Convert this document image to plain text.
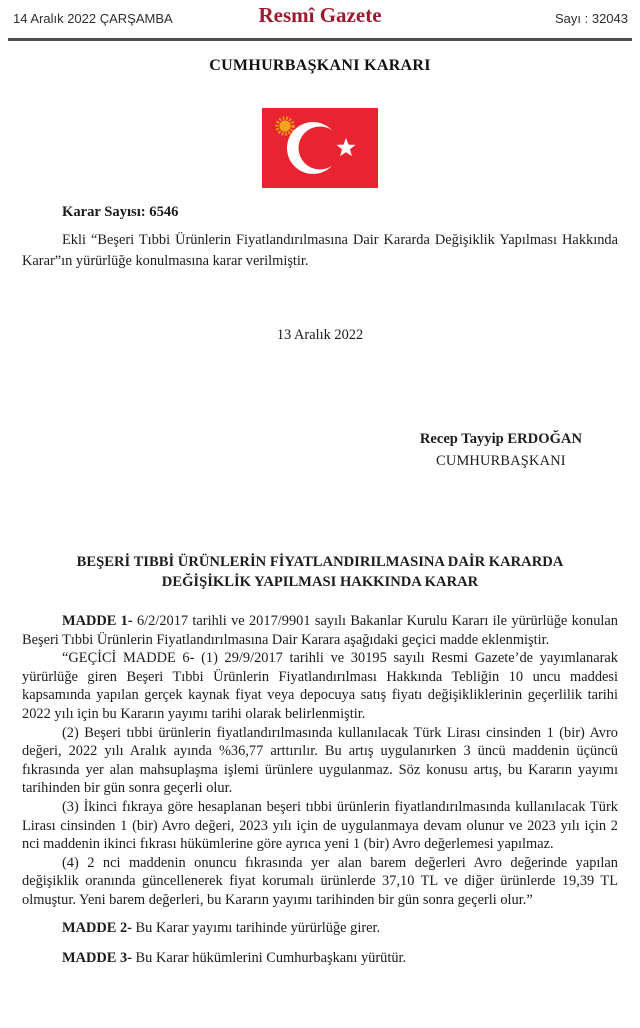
14 Aralık 2022 ÇARŞAMBA	Resmî Gazete	Sayı : 32043
CUMHURBAŞKANI KARARI
Karar Sayısı: 6546

Ekli “Beşeri Tıbbi Ürünlerin Fiyatlandırılmasına Dair Kararda Değişiklik Yapılması Hakkında Karar”ın yürürlüğe konulmasına karar verilmiştir.

13 Aralık 2022
Recep Tayyip ERDOĞAN
CUMHURBAŞKANI
BEŞERİ TIBBİ ÜRÜNLERİN FİYATLANDIRILMASINA DAİR KARARDA
DEĞİŞİKLİK YAPILMASI HAKKINDA KARAR

MADDE 1- 6/2/2017 tarihli ve 2017/9901 sayılı Bakanlar Kurulu Kararı ile yürürlüğe konulan Beşeri Tıbbi Ürünlerin Fiyatlandırılmasına Dair Karara aşağıdaki geçici madde eklenmiştir.

“GEÇİCİ MADDE 6- (1) 29/9/2017 tarihli ve 30195 sayılı Resmi Gazete’de yayımlanarak yürürlüğe giren Beşeri Tıbbi Ürünlerin Fiyatlandırılması Hakkında Tebliğin 10 uncu maddesi kapsamında yapılan gerçek kaynak fiyat veya depocuya satış fiyatı değişikliklerinin geçerlilik tarihi 2022 yılı için bu Kararın yayımı tarihi olarak belirlenmiştir.

(2) Beşeri tıbbi ürünlerin fiyatlandırılmasında kullanılacak Türk Lirası cinsinden 1 (bir) Avro değeri, 2022 yılı Aralık ayında %36,77 arttırılır. Bu artış uygulanırken 3 üncü maddenin üçüncü fıkrasında yer alan mahsuplaşma işlemi ürünlere uygulanmaz. Söz konusu artış, bu Kararın yayımı tarihinden bir gün sonra geçerli olur.

(3) İkinci fıkraya göre hesaplanan beşeri tıbbi ürünlerin fiyatlandırılmasında kullanılacak Türk Lirası cinsinden 1 (bir) Avro değeri, 2023 yılı için de uygulanmaya devam olunur ve 2023 yılı için 2 nci maddenin ikinci fıkrası hükümlerine göre ayrıca yeni 1 (bir) Avro değerlemesi yapılmaz.

(4) 2 nci maddenin onuncu fıkrasında yer alan barem değerleri Avro değerinde yapılan değişiklik oranında güncellenerek fiyat korumalı ürünlerde 37,10 TL ve diğer ürünlerde 19,39 TL olmuştur. Yeni barem değerleri, bu Kararın yayımı tarihinden bir gün sonra geçerli olur.”

MADDE 2- Bu Karar yayımı tarihinde yürürlüğe girer.

MADDE 3- Bu Karar hükümlerini Cumhurbaşkanı yürütür.
